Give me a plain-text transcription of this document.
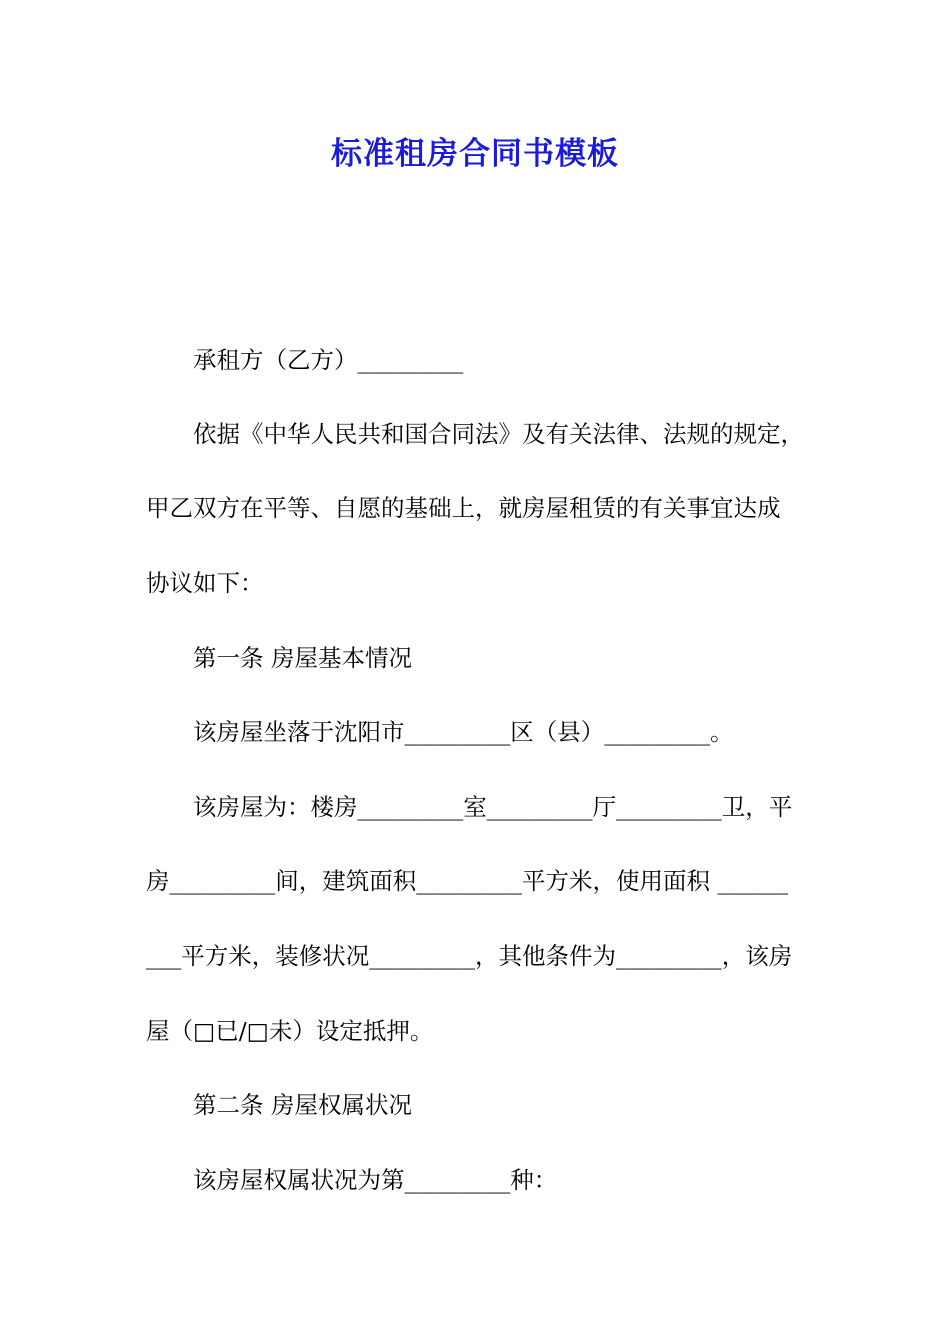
标准租房合同书模板
承租方（乙方）_________
依据《中华人民共和国合同法》及有关法律、法规的规定，
甲乙双方在平等、自愿的基础上，就房屋租赁的有关事宜达成
协议如下：
第一条 房屋基本情况
该房屋坐落于沈阳市_________区（县）_________。
该房屋为：楼房_________室_________厅_________卫，平
房_________间，建筑面积_________平方米，使用面积 ______
___平方米，装修状况_________，其他条件为_________，该房
屋（□已/□未）设定抵押。
第二条 房屋权属状况
该房屋权属状况为第_________种：
